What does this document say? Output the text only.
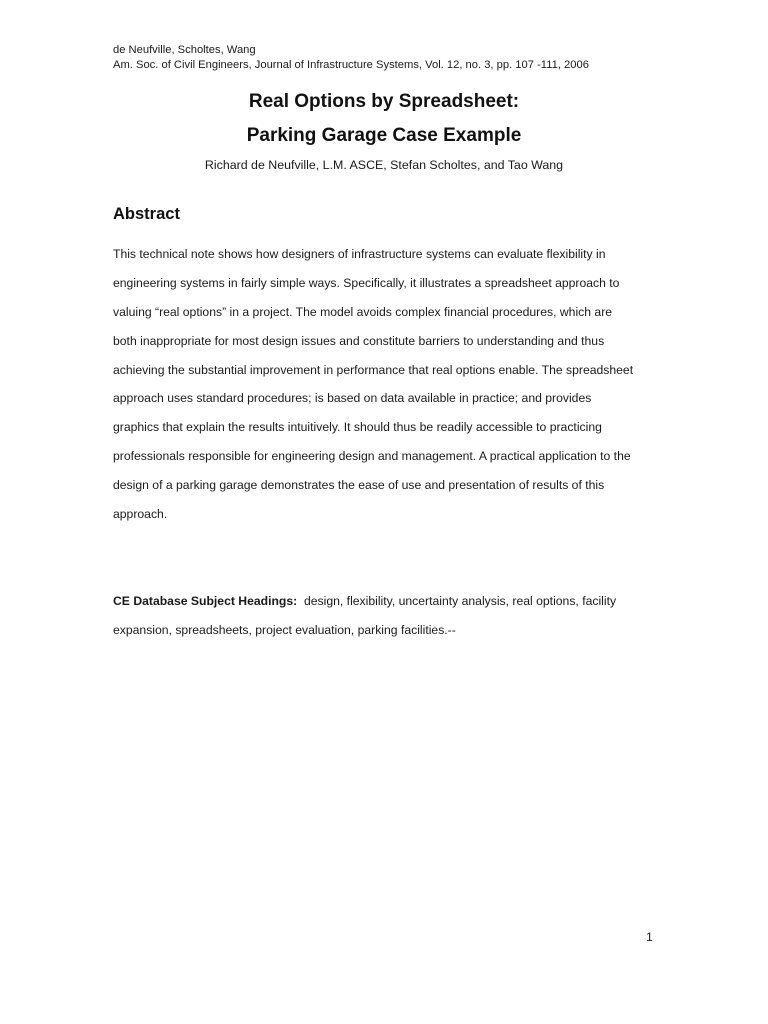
de Neufville, Scholtes, Wang
Am. Soc. of Civil Engineers, Journal of Infrastructure Systems, Vol. 12, no. 3, pp. 107 -111, 2006
Real Options by Spreadsheet:
Parking Garage Case Example
Richard de Neufville, L.M. ASCE, Stefan Scholtes, and Tao Wang
Abstract
This technical note shows how designers of infrastructure systems can evaluate flexibility in
engineering systems in fairly simple ways. Specifically, it illustrates a spreadsheet approach to
valuing “real options” in a project. The model avoids complex financial procedures, which are
both inappropriate for most design issues and constitute barriers to understanding and thus
achieving the substantial improvement in performance that real options enable. The spreadsheet
approach uses standard procedures; is based on data available in practice; and provides
graphics that explain the results intuitively. It should thus be readily accessible to practicing
professionals responsible for engineering design and management. A practical application to the
design of a parking garage demonstrates the ease of use and presentation of results of this
approach.
CE Database Subject Headings: design, flexibility, uncertainty analysis, real options, facility
expansion, spreadsheets, project evaluation, parking facilities.--
1
